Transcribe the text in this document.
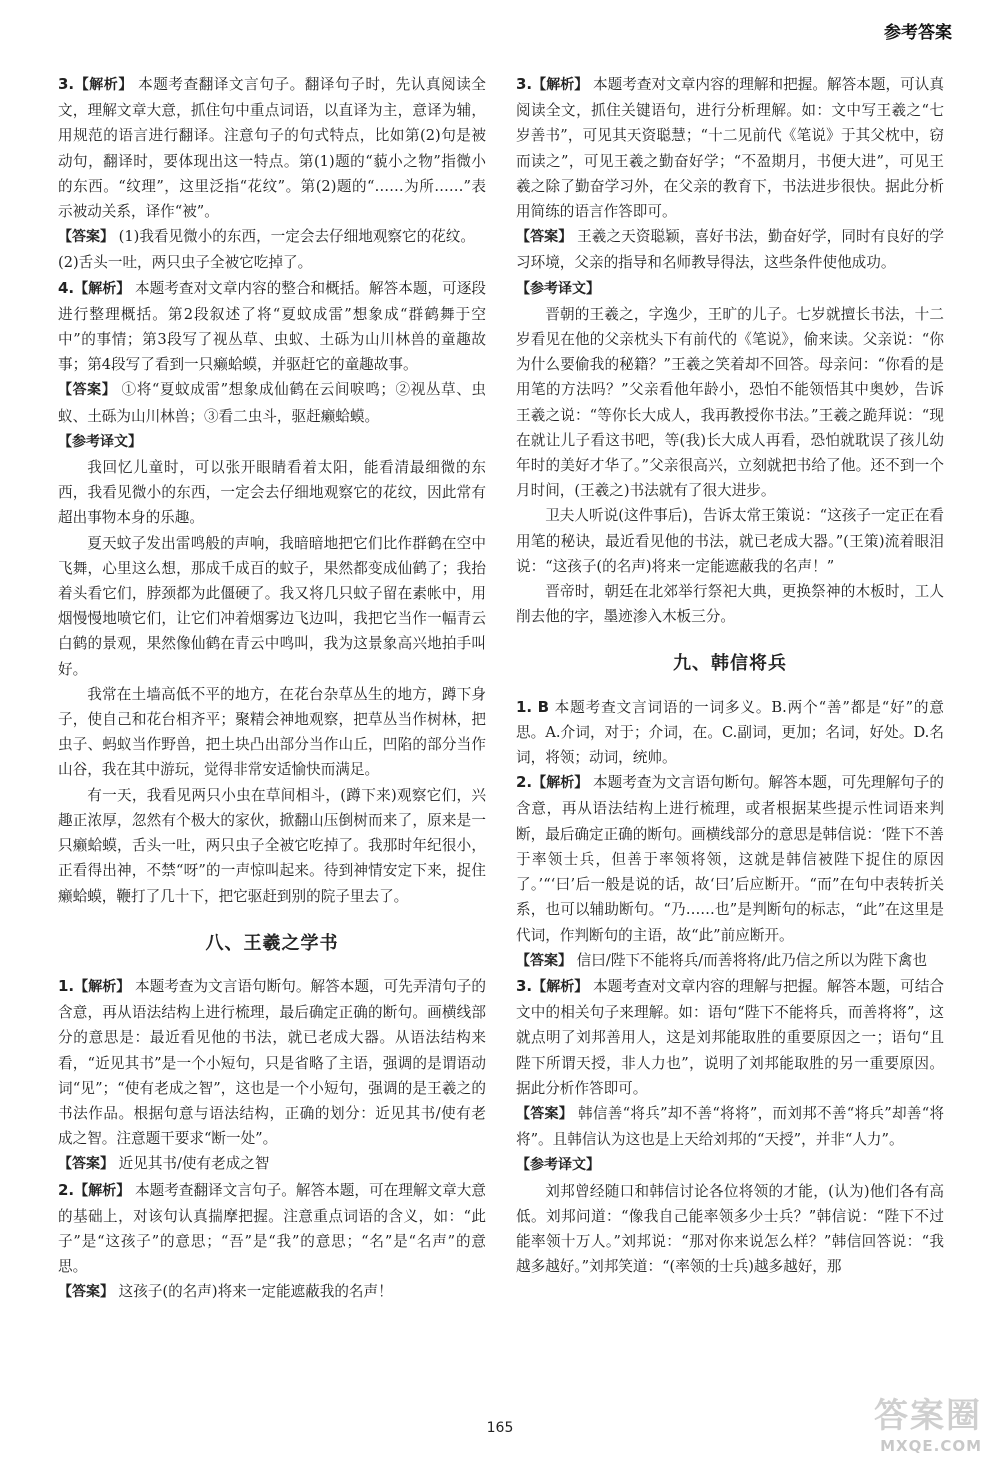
参考答案

3.【解析】 本题考查翻译文言句子。翻译句子时，先认真阅读全文，理解文章大意，抓住句中重点词语，以直译为主，意译为辅，用规范的语言进行翻译。注意句子的句式特点，比如第(2)句是被动句，翻译时，要体现出这一特点。第(1)题的“藐小之物”指微小的东西。“纹理”，这里泛指“花纹”。第(2)题的“……为所……”表示被动关系，译作“被”。

【答案】 (1)我看见微小的东西，一定会去仔细地观察它的花纹。

(2)舌头一吐，两只虫子全被它吃掉了。

4.【解析】 本题考查对文章内容的整合和概括。解答本题，可逐段进行整理概括。第2段叙述了将“夏蚊成雷”想象成“群鹤舞于空中”的事情；第3段写了视丛草、虫蚁、土砾为山川林兽的童趣故事；第4段写了看到一只癞蛤蟆，并驱赶它的童趣故事。

【答案】 ①将“夏蚊成雷”想象成仙鹤在云间唳鸣；②视丛草、虫蚁、土砾为山川林兽；③看二虫斗，驱赶癞蛤蟆。

【参考译文】

我回忆儿童时，可以张开眼睛看着太阳，能看清最细微的东西，我看见微小的东西，一定会去仔细地观察它的花纹，因此常有超出事物本身的乐趣。

夏天蚊子发出雷鸣般的声响，我暗暗地把它们比作群鹤在空中飞舞，心里这么想，那成千成百的蚊子，果然都变成仙鹤了；我抬着头看它们，脖颈都为此僵硬了。我又将几只蚊子留在素帐中，用烟慢慢地喷它们，让它们冲着烟雾边飞边叫，我把它当作一幅青云白鹤的景观，果然像仙鹤在青云中鸣叫，我为这景象高兴地拍手叫好。

我常在土墙高低不平的地方，在花台杂草丛生的地方，蹲下身子，使自己和花台相齐平；聚精会神地观察，把草丛当作树林，把虫子、蚂蚁当作野兽，把土块凸出部分当作山丘，凹陷的部分当作山谷，我在其中游玩，觉得非常安适愉快而满足。

有一天，我看见两只小虫在草间相斗，(蹲下来)观察它们，兴趣正浓厚，忽然有个极大的家伙，掀翻山压倒树而来了，原来是一只癞蛤蟆，舌头一吐，两只虫子全被它吃掉了。我那时年纪很小，正看得出神，不禁“呀”的一声惊叫起来。待到神情安定下来，捉住癞蛤蟆，鞭打了几十下，把它驱赶到别的院子里去了。

八、王羲之学书

1.【解析】 本题考查为文言语句断句。解答本题，可先弄清句子的含意，再从语法结构上进行梳理，最后确定正确的断句。画横线部分的意思是：最近看见他的书法，就已老成大器。从语法结构来看，“近见其书”是一个小短句，只是省略了主语，强调的是谓语动词“见”；“使有老成之智”，这也是一个小短句，强调的是王羲之的书法作品。根据句意与语法结构，正确的划分：近见其书/使有老成之智。注意题干要求“断一处”。

【答案】 近见其书/使有老成之智

2.【解析】 本题考查翻译文言句子。解答本题，可在理解文章大意的基础上，对该句认真揣摩把握。注意重点词语的含义，如：“此子”是“这孩子”的意思；“吾”是“我”的意思；“名”是“名声”的意思。

【答案】 这孩子(的名声)将来一定能遮蔽我的名声！

3.【解析】 本题考查对文章内容的理解和把握。解答本题，可认真阅读全文，抓住关键语句，进行分析理解。如：文中写王羲之“七岁善书”，可见其天资聪慧；“十二见前代《笔说》于其父枕中，窃而读之”，可见王羲之勤奋好学；“不盈期月，书便大进”，可见王羲之除了勤奋学习外，在父亲的教育下，书法进步很快。据此分析用简练的语言作答即可。

【答案】 王羲之天资聪颖，喜好书法，勤奋好学，同时有良好的学习环境，父亲的指导和名师教导得法，这些条件使他成功。

【参考译文】

晋朝的王羲之，字逸少，王旷的儿子。七岁就擅长书法，十二岁看见在他的父亲枕头下有前代的《笔说》，偷来读。父亲说：“你为什么要偷我的秘籍？”王羲之笑着却不回答。母亲问：“你看的是用笔的方法吗？”父亲看他年龄小，恐怕不能领悟其中奥妙，告诉王羲之说：“等你长大成人，我再教授你书法。”王羲之跪拜说：“现在就让儿子看这书吧，等(我)长大成人再看，恐怕就耽误了孩儿幼年时的美好才华了。”父亲很高兴，立刻就把书给了他。还不到一个月时间，(王羲之)书法就有了很大进步。

卫夫人听说(这件事后)，告诉太常王策说：“这孩子一定正在看用笔的秘诀，最近看见他的书法，就已老成大器。”(王策)流着眼泪说：“这孩子(的名声)将来一定能遮蔽我的名声！”

晋帝时，朝廷在北郊举行祭祀大典，更换祭神的木板时，工人削去他的字，墨迹渗入木板三分。

九、韩信将兵

1. B 本题考查文言词语的一词多义。B.两个“善”都是“好”的意思。A.介词，对于；介词，在。C.副词，更加；名词，好处。D.名词，将领；动词，统帅。

2.【解析】 本题考查为文言语句断句。解答本题，可先理解句子的含意，再从语法结构上进行梳理，或者根据某些提示性词语来判断，最后确定正确的断句。画横线部分的意思是韩信说：‘陛下不善于率领士兵，但善于率领将领，这就是韩信被陛下捉住的原因了。’“‘曰’后一般是说的话，故‘曰’后应断开。“而”在句中表转折关系，也可以辅助断句。“乃……也”是判断句的标志，“此”在这里是代词，作判断句的主语，故“此”前应断开。

【答案】 信曰/陛下不能将兵/而善将将/此乃信之所以为陛下禽也

3.【解析】 本题考查对文章内容的理解与把握。解答本题，可结合文中的相关句子来理解。如：语句“陛下不能将兵，而善将将”，这就点明了刘邦善用人，这是刘邦能取胜的重要原因之一；语句“且陛下所谓天授，非人力也”，说明了刘邦能取胜的另一重要原因。据此分析作答即可。

【答案】 韩信善“将兵”却不善“将将”，而刘邦不善“将兵”却善“将将”。且韩信认为这也是上天给刘邦的“天授”，并非“人力”。

【参考译文】

刘邦曾经随口和韩信讨论各位将领的才能，(认为)他们各有高低。刘邦问道：“像我自己能率领多少士兵？”韩信说：“陛下不过能率领十万人。”刘邦说：“那对你来说怎么样？”韩信回答说：“我越多越好。”刘邦笑道：“(率领的士兵)越多越好，那

165	答案圈
MXQE.COM
